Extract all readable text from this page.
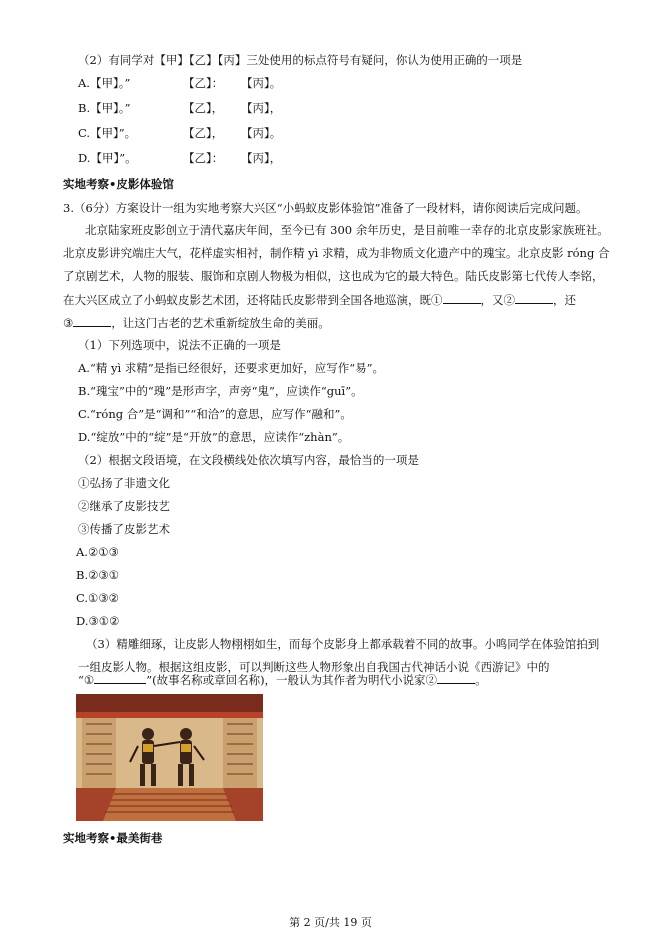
（2）有同学对【甲】【乙】【丙】三处使用的标点符号有疑问，你认为使用正确的一项是
A.【甲】。”	【乙】： 【丙】。
B.【甲】。”	【乙】， 【丙】，
C.【甲】”。	【乙】， 【丙】。
D.【甲】”。	【乙】： 【丙】，
实地考察•皮影体验馆
3.（6分）方案设计一组为实地考察大兴区“小蚂蚁皮影体验馆”准备了一段材料，请你阅读后完成问题。
北京陆家班皮影创立于清代嘉庆年间，至今已有 300 余年历史，是目前唯一幸存的北京皮影家族班社。
北京皮影讲究端庄大气，花样虚实相衬，制作精 yì 求精，成为非物质文化遗产中的瑰宝。北京皮影 róng 合
了京剧艺术，人物的服装、服饰和京剧人物极为相似，这也成为它的最大特色。陆氏皮影第七代传人李铭，
在大兴区成立了小蚂蚁皮影艺术团，还将陆氏皮影带到全国各地巡演，既①	，又②	，还
③	，让这门古老的艺术重新绽放生命的美丽。
（1）下列选项中，说法不正确的一项是
A.“精 yì 求精”是指已经很好，还要求更加好，应写作“易”。
B.“瑰宝”中的“瑰”是形声字，声旁“鬼”，应读作“guī”。
C.“róng 合”是“调和”“和洽”的意思，应写作“融和”。
D.“绽放”中的“绽”是“开放”的意思，应读作“zhàn”。
（2）根据文段语境，在文段横线处依次填写内容，最恰当的一项是
①弘扬了非遗文化
②继承了皮影技艺
③传播了皮影艺术
A.②①③
B.②③①
C.①③②
D.③①②
（3）精雕细琢，让皮影人物栩栩如生，而每个皮影身上都承载着不同的故事。小鸣同学在体验馆拍到
一组皮影人物。根据这组皮影，可以判断这些人物形象出自我国古代神话小说《西游记》中的
“①	”(故事名称或章回名称)，一般认为其作者为明代小说家②	。
实地考察•最美街巷
第 2 页/共 19 页
